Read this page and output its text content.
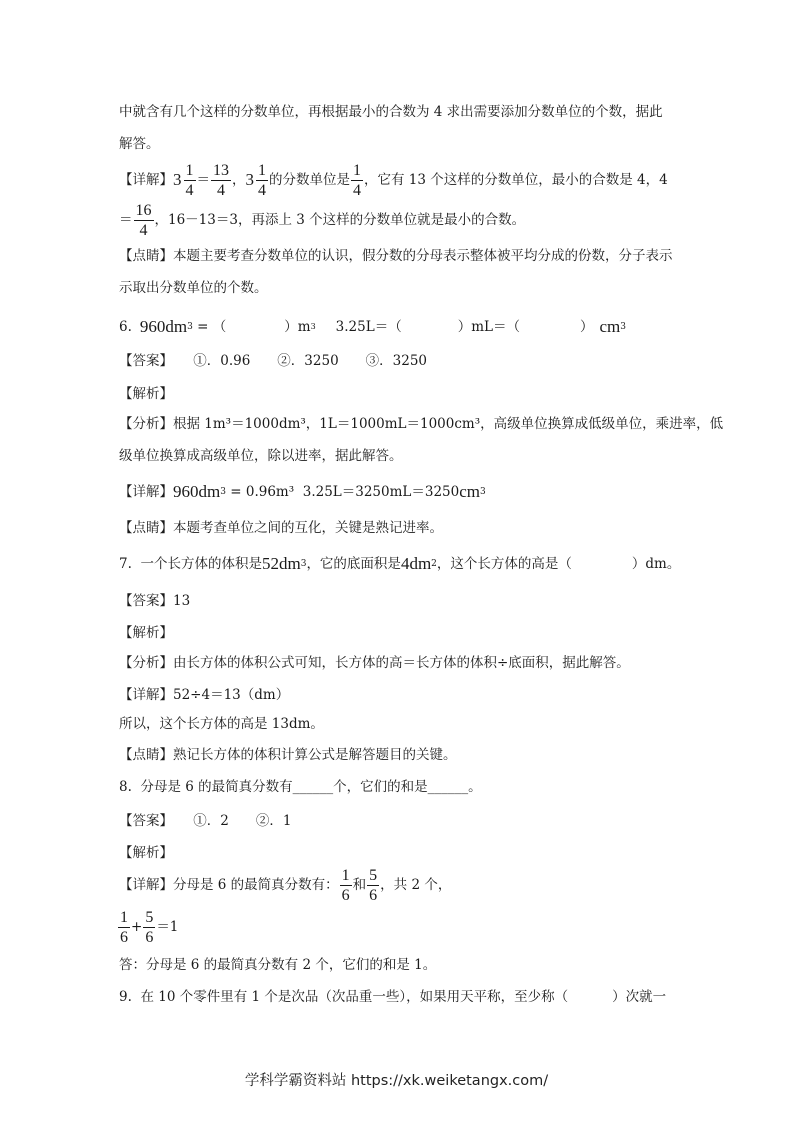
中就含有几个这样的分数单位，再根据最小的合数为 4 求出需要添加分数单位的个数，据此
解答。
【详解】 $3 \frac{1}{4} = \frac{13}{4}$ ， $3 \frac{1}{4}$ 的分数单位是 $\frac{1}{4}$ ，它有 13 个这样的分数单位，最小的合数是 4，4
＝ $\frac{16}{4}$ ，16－13＝3，再添上 3 个这样的分数单位就是最小的合数。
【点睛】本题主要考查分数单位的认识，假分数的分母表示整体被平均分成的份数，分子表示
示取出分数单位的个数。
6. 960dm 3 = （	）m 3 3.25L＝（	）mL＝（	） cm 3
【答案】　　①．0.96　　②．3250　　③．3250
【解析】
【分析】根据 1m³＝1000dm³，1L＝1000mL＝1000cm³，高级单位换算成低级单位，乘进率，低
级单位换算成高级单位，除以进率，据此解答。
【详解】 960dm 3 = 0.96m³  3.25L＝3250mL＝3250 cm 3
【点睛】本题考查单位之间的互化，关键是熟记进率。
7.  一个长方体的体积是 52dm 3 ，它的底面积是 4dm 2 ，这个长方体的高是（	）dm。
【答案】13
【解析】
【分析】由长方体的体积公式可知，长方体的高＝长方体的体积÷底面积，据此解答。
【详解】52÷4＝13（dm）
所以，这个长方体的高是 13dm。
【点睛】熟记长方体的体积计算公式是解答题目的关键。
8.  分母是 6 的最简真分数有______个，它们的和是______。
【答案】　　①．2　　②．1
【解析】
【详解】分母是 6 的最简真分数有： $\frac{1}{6}$ 和 $\frac{5}{6}$ ，共 2 个，
$\frac{1}{6} + \frac{5}{6} =1$
答：分母是 6 的最简真分数有 2 个，它们的和是 1。
9.  在 10 个零件里有 1 个是次品（次品重一些），如果用天平称，至少称（	）次就一
学科学霸资料站 https://xk.weiketangx.com/
